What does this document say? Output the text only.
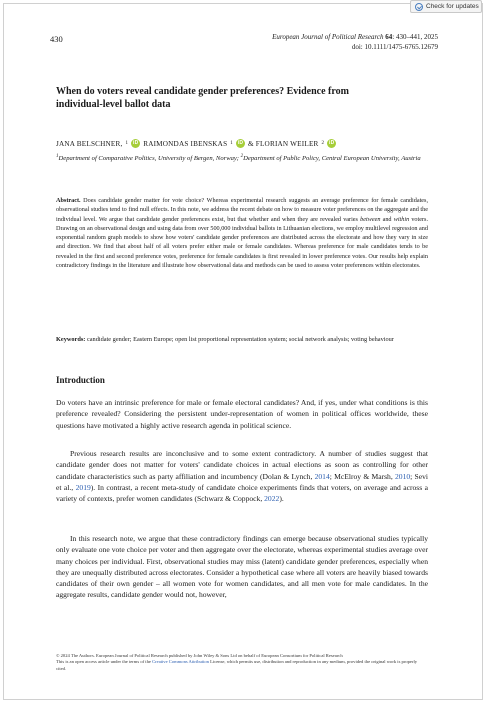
Check for updates
430	European Journal of Political Research 64: 430–441, 2025
doi: 10.1111/1475-6765.12679
When do voters reveal candidate gender preferences? Evidence from individual-level ballot data
JANA BELSCHNER, 1 iD RAIMONDAS IBENSKAS 1 iD & FLORIAN WEILER 2 iD
$^1$Department of Comparative Politics, University of Bergen, Norway; $^2$Department of Public Policy, Central European University, Austria
Abstract. Does candidate gender matter for vote choice? Whereas experimental research suggests an average preference for female candidates, observational studies tend to find null effects. In this note, we address the recent debate on how to measure voter preferences on the aggregate and the individual level. We argue that candidate gender preferences exist, but that whether and when they are revealed varies between and within voters. Drawing on an observational design and using data from over 500,000 individual ballots in Lithuanian elections, we employ multilevel regression and exponential random graph models to show how voters' candidate gender preferences are distributed across the electorate and how they vary in size and direction. We find that about half of all voters prefer either male or female candidates. Whereas preference for male candidates tends to be revealed in the first and second preference votes, preference for female candidates is first revealed in lower preference votes. Our results help explain contradictory findings in the literature and illustrate how observational data and methods can be used to assess voter preferences within electorates.
Keywords: candidate gender; Eastern Europe; open list proportional representation system; social network analysis; voting behaviour
Introduction

Do voters have an intrinsic preference for male or female electoral candidates? And, if yes, under what conditions is this preference revealed? Considering the persistent under-representation of women in political offices worldwide, these questions have motivated a highly active research agenda in political science.

Previous research results are inconclusive and to some extent contradictory. A number of studies suggest that candidate gender does not matter for voters' candidate choices in actual elections as soon as controlling for other candidate characteristics such as party affiliation and incumbency (Dolan & Lynch, 2014; McElroy & Marsh, 2010; Sevi et al., 2019). In contrast, a recent meta-study of candidate choice experiments finds that voters, on average and across a variety of contexts, prefer women candidates (Schwarz & Coppock, 2022).

In this research note, we argue that these contradictory findings can emerge because observational studies typically only evaluate one vote choice per voter and then aggregate over the electorate, whereas experimental studies average over many choices per individual. First, observational studies may miss (latent) candidate gender preferences, especially when they are unequally distributed across electorates. Consider a hypothetical case where all voters are heavily biased towards candidates of their own gender – all women vote for women candidates, and all men vote for male candidates. In the aggregate results, candidate gender would not, however,

© 2024 The Authors. European Journal of Political Research published by John Wiley & Sons Ltd on behalf of European Consortium for Political Research
This is an open access article under the terms of the Creative Commons Attribution License, which permits use, distribution and reproduction in any medium, provided the original work is properly cited.
